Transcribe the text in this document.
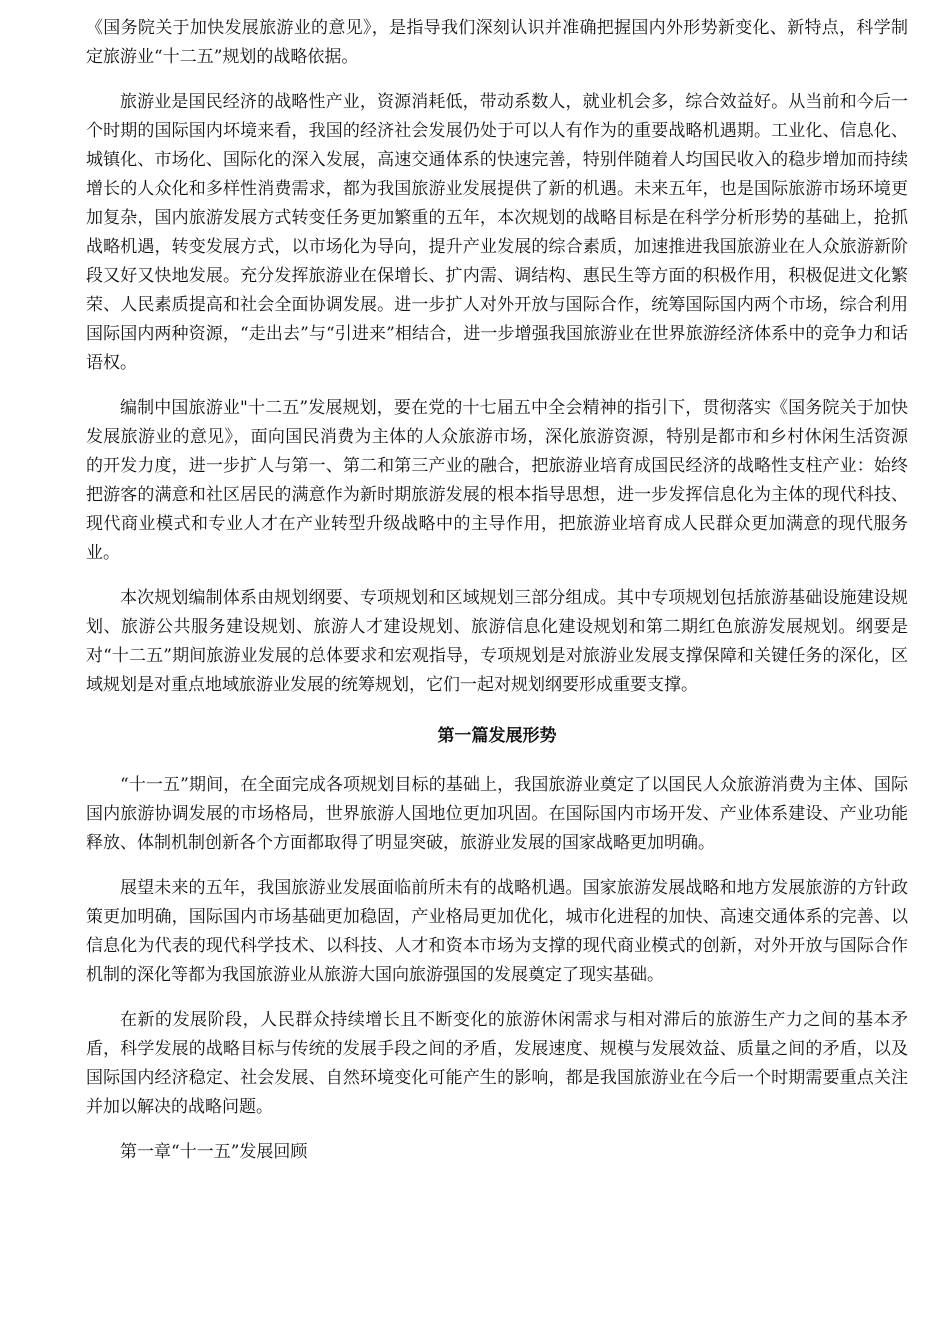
《国务院关于加快发展旅游业的意见》，是指导我们深刻认识并准确把握国内外形势新变化、新特点，科学制定旅游业“十二五”规划的战略依据。

旅游业是国民经济的战略性产业，资源消耗低，带动系数人，就业机会多，综合效益好。从当前和今后一个时期的国际国内坏境来看，我国的经济社会发展仍处于可以人有作为的重要战略机遇期。工业化、信息化、城镇化、市场化、国际化的深入发展，高速交通体系的快速完善，特别伴随着人均国民收入的稳步增加而持续增长的人众化和多样性消费需求，都为我国旅游业发展提供了新的机遇。未来五年，也是国际旅游市场环境更加复杂，国内旅游发展方式转变任务更加繁重的五年，本次规划的战略目标是在科学分析形势的基础上，抢抓战略机遇，转变发展方式，以市场化为导向，提升产业发展的综合素质，加速推进我国旅游业在人众旅游新阶段又好又快地发展。充分发挥旅游业在保增长、扩内需、调结构、惠民生等方面的积极作用，积极促进文化繁荣、人民素质提高和社会全面协调发展。进一步扩人对外开放与国际合作，统筹国际国内两个市场，综合利用国际国内两种资源，“走出去”与“引进来”相结合，进一步增强我国旅游业在世界旅游经济体系中的竞争力和话语权。

编制中国旅游业"十二五”发展规划，要在党的十七届五中全会精神的指引下，贯彻落实《国务院关于加快发展旅游业的意见》，面向国民消费为主体的人众旅游市场，深化旅游资源，特别是都市和乡村休闲生活资源的开发力度，进一步扩人与第一、第二和第三产业的融合，把旅游业培育成国民经济的战略性支柱产业：始终把游客的满意和社区居民的满意作为新时期旅游发展的根本指导思想，进一步发挥信息化为主体的现代科技、现代商业模式和专业人才在产业转型升级战略中的主导作用，把旅游业培育成人民群众更加满意的现代服务业。

本次规划编制体系由规划纲要、专项规划和区域规划三部分组成。其中专项规划包括旅游基础设施建设规划、旅游公共服务建设规划、旅游人才建设规划、旅游信息化建设规划和第二期红色旅游发展规划。纲要是对“十二五”期间旅游业发展的总体要求和宏观指导，专项规划是对旅游业发展支撑保障和关键任务的深化，区域规划是对重点地域旅游业发展的统筹规划，它们一起对规划纲要形成重要支撑。

第一篇发展形势

“十一五”期间，在全面完成各项规划目标的基础上，我国旅游业奠定了以国民人众旅游消费为主体、国际国内旅游协调发展的市场格局，世界旅游人国地位更加巩固。在国际国内市场开发、产业体系建设、产业功能释放、体制机制创新各个方面都取得了明显突破，旅游业发展的国家战略更加明确。

展望未来的五年，我国旅游业发展面临前所未有的战略机遇。国家旅游发展战略和地方发展旅游的方针政策更加明确，国际国内市场基础更加稳固，产业格局更加优化，城市化进程的加快、高速交通体系的完善、以信息化为代表的现代科学技术、以科技、人才和资本市场为支撑的现代商业模式的创新，对外开放与国际合作机制的深化等都为我国旅游业从旅游大国向旅游强国的发展奠定了现实基础。

在新的发展阶段，人民群众持续增长且不断变化的旅游休闲需求与相对滞后的旅游生产力之间的基本矛盾，科学发展的战略目标与传统的发展手段之间的矛盾，发展速度、规模与发展效益、质量之间的矛盾，以及国际国内经济稳定、社会发展、自然环境变化可能产生的影响，都是我国旅游业在今后一个时期需要重点关注并加以解决的战略问题。

第一章“十一五”发展回顾
